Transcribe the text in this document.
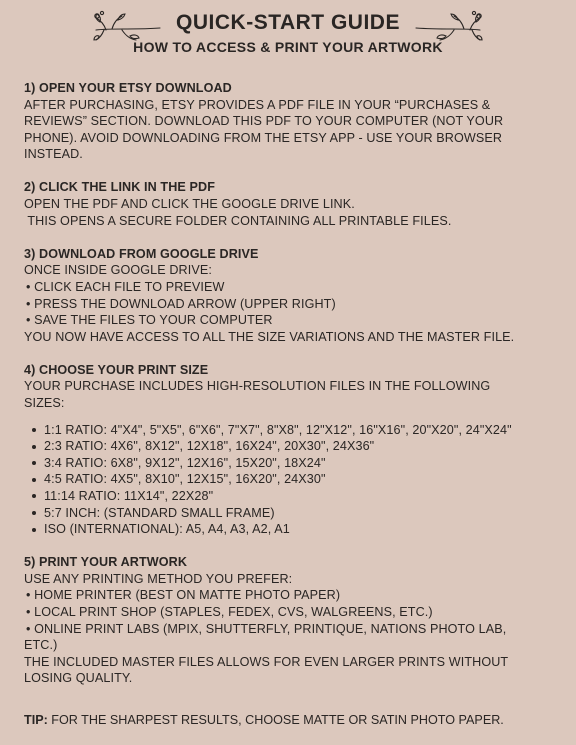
QUICK-START GUIDE
HOW TO ACCESS & PRINT YOUR ARTWORK
1) OPEN YOUR ETSY DOWNLOAD
AFTER PURCHASING, ETSY PROVIDES A PDF FILE IN YOUR “PURCHASES &
REVIEWS” SECTION. DOWNLOAD THIS PDF TO YOUR COMPUTER (NOT YOUR
PHONE). AVOID DOWNLOADING FROM THE ETSY APP - USE YOUR BROWSER
INSTEAD.
2) CLICK THE LINK IN THE PDF
OPEN THE PDF AND CLICK THE GOOGLE DRIVE LINK.
THIS OPENS A SECURE FOLDER CONTAINING ALL PRINTABLE FILES.
3) DOWNLOAD FROM GOOGLE DRIVE
ONCE INSIDE GOOGLE DRIVE:
• CLICK EACH FILE TO PREVIEW
• PRESS THE DOWNLOAD ARROW (UPPER RIGHT)
• SAVE THE FILES TO YOUR COMPUTER
YOU NOW HAVE ACCESS TO ALL THE SIZE VARIATIONS AND THE MASTER FILE.
4) CHOOSE YOUR PRINT SIZE
YOUR PURCHASE INCLUDES HIGH-RESOLUTION FILES IN THE FOLLOWING
SIZES:
1:1 RATIO: 4"X4", 5"X5", 6"X6", 7"X7", 8"X8", 12"X12", 16"X16", 20"X20", 24"X24"
2:3 RATIO: 4X6", 8X12", 12X18", 16X24", 20X30", 24X36"
3:4 RATIO: 6X8", 9X12", 12X16", 15X20", 18X24"
4:5 RATIO: 4X5", 8X10", 12X15", 16X20", 24X30"
11:14 RATIO: 11X14", 22X28"
5:7 INCH: (STANDARD SMALL FRAME)
ISO (INTERNATIONAL): A5, A4, A3, A2, A1
5) PRINT YOUR ARTWORK
USE ANY PRINTING METHOD YOU PREFER:
• HOME PRINTER (BEST ON MATTE PHOTO PAPER)
• LOCAL PRINT SHOP (STAPLES, FEDEX, CVS, WALGREENS, ETC.)
• ONLINE PRINT LABS (MPIX, SHUTTERFLY, PRINTIQUE, NATIONS PHOTO LAB,
ETC.)
THE INCLUDED MASTER FILES ALLOWS FOR EVEN LARGER PRINTS WITHOUT
LOSING QUALITY.
TIP: FOR THE SHARPEST RESULTS, CHOOSE MATTE OR SATIN PHOTO PAPER.
